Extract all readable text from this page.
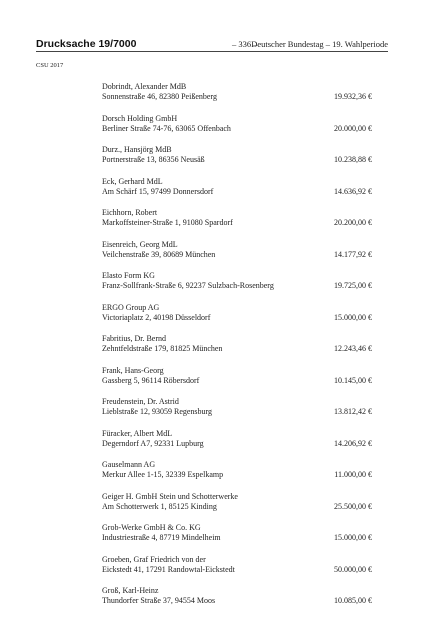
Drucksache 19/7000	– 336 –
Deutscher Bundestag – 19. Wahlperiode
CSU 2017
Dobrindt, Alexander MdB
Sonnenstraße 46, 82380 Peißenberg	19.932,36 €
Dorsch Holding GmbH
Berliner Straße 74-76, 63065 Offenbach	20.000,00 €
Durz., Hansjörg MdB
Portnerstraße 13, 86356 Neusäß	10.238,88 €
Eck, Gerhard MdL
Am Schärf 15, 97499 Donnersdorf	14.636,92 €
Eichhorn, Robert
Markoffsteiner-Straße 1, 91080 Spardorf	20.200,00 €
Eisenreich, Georg MdL
Veilchenstraße 39, 80689 München	14.177,92 €
Elasto Form KG
Franz-Sollfrank-Straße 6, 92237 Sulzbach-Rosenberg	19.725,00 €
ERGO Group AG
Victoriaplatz 2, 40198 Düsseldorf	15.000,00 €
Fabritius, Dr. Bernd
Zehntfeldstraße 179, 81825 München	12.243,46 €
Frank, Hans-Georg
Gassberg 5, 96114 Röbersdorf	10.145,00 €
Freudenstein, Dr. Astrid
Lieblstraße 12, 93059 Regensburg	13.812,42 €
Füracker, Albert MdL
Degerndorf A7, 92331 Lupburg	14.206,92 €
Gauselmann AG
Merkur Allee 1-15, 32339 Espelkamp	11.000,00 €
Geiger H. GmbH Stein und Schotterwerke
Am Schotterwerk 1, 85125 Kinding	25.500,00 €
Grob-Werke GmbH & Co. KG
Industriestraße 4, 87719 Mindelheim	15.000,00 €
Groeben, Graf Friedrich von der
Eickstedt 41, 17291 Randowtal-Eickstedt	50.000,00 €
Groß, Karl-Heinz
Thundorfer Straße 37, 94554 Moos	10.085,00 €
